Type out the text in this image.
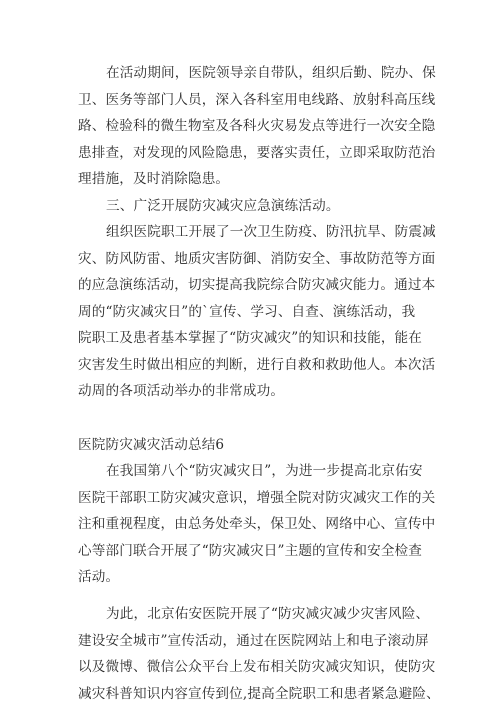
在活动期间，医院领导亲自带队，组织后勤、院办、保
卫、医务等部门人员，深入各科室用电线路、放射科高压线
路、检验科的微生物室及各科火灾易发点等进行一次安全隐
患排查，对发现的风险隐患，要落实责任，立即采取防范治
理措施，及时消除隐患。
三、广泛开展防灾减灾应急演练活动。
组织医院职工开展了一次卫生防疫、防汛抗旱、防震减
灾、防风防雷、地质灾害防御、消防安全、事故防范等方面
的应急演练活动，切实提高我院综合防灾减灾能力。通过本
周的“防灾减灾日”的`宣传、学习、自查、演练活动，我
院职工及患者基本掌握了“防灾减灾”的知识和技能，能在
灾害发生时做出相应的判断，进行自救和救助他人。本次活
动周的各项活动举办的非常成功。
医院防灾减灾活动总结6
在我国第八个“防灾减灾日”，为进一步提高北京佑安
医院干部职工防灾减灾意识，增强全院对防灾减灾工作的关
注和重视程度，由总务处牵头，保卫处、网络中心、宣传中
心等部门联合开展了“防灾减灾日”主题的宣传和安全检查
活动。
为此，北京佑安医院开展了“防灾减灾减少灾害风险、
建设安全城市”宣传活动，通过在医院网站上和电子滚动屏
以及微博、微信公众平台上发布相关防灾减灾知识，使防灾
减灾科普知识内容宣传到位,提高全院职工和患者紧急避险、
